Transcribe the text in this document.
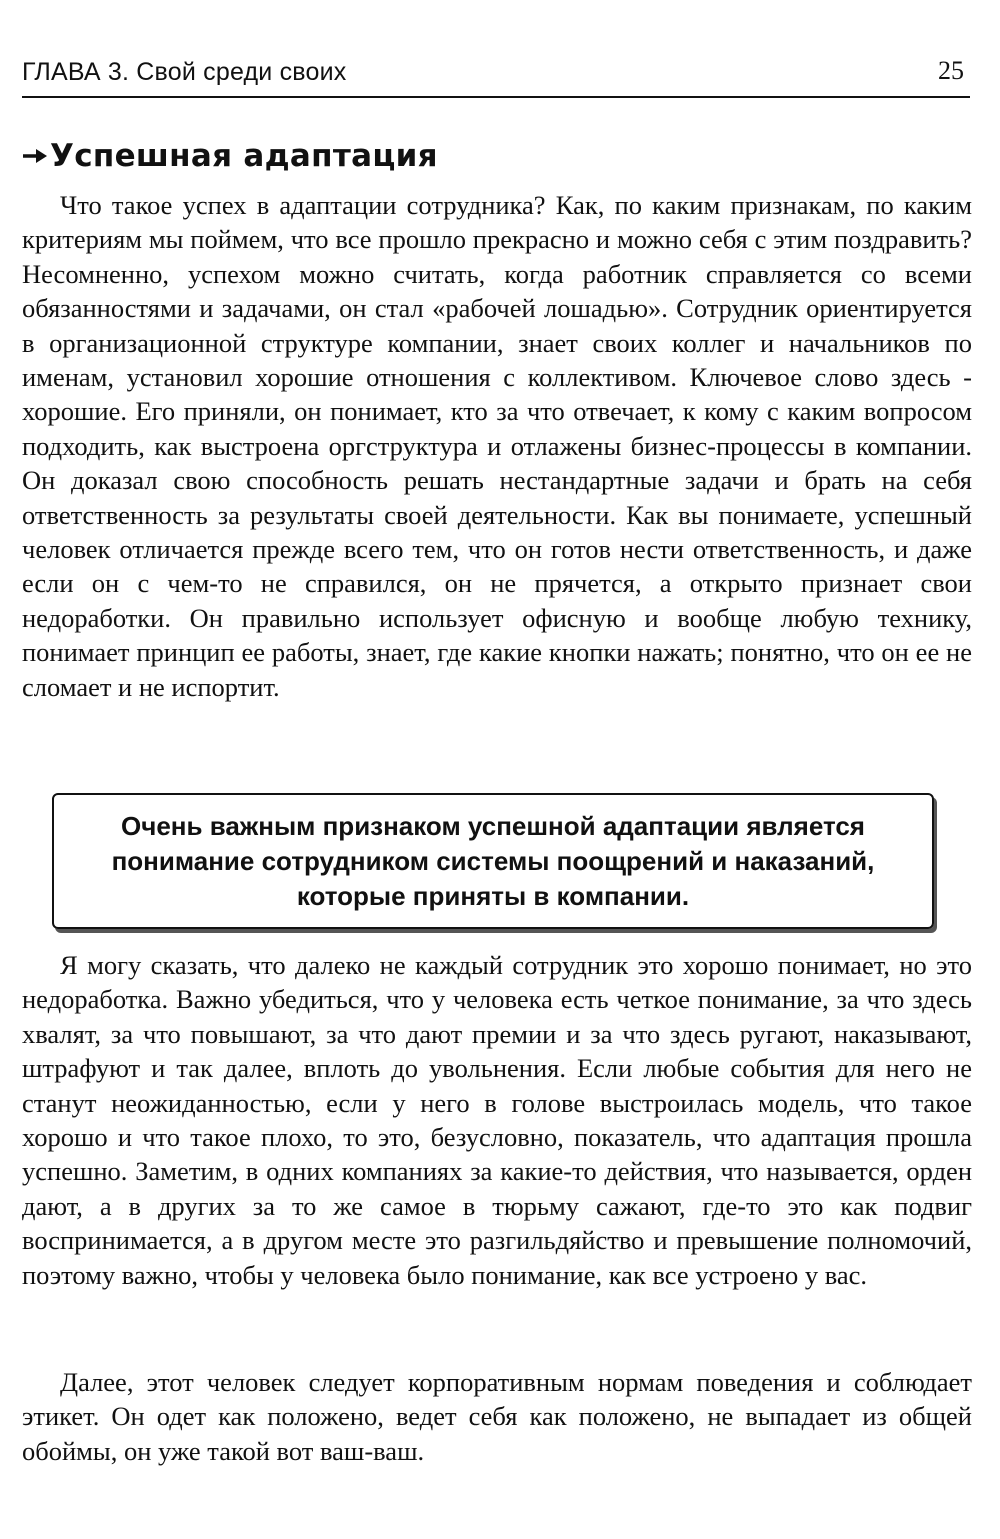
ГЛАВА 3. Свой среди своих	25
Успешная адаптация

Что такое успех в адаптации сотрудника? Как, по каким признакам, по каким критериям мы поймем, что все прошло прекрасно и можно себя с этим поздравить? Несомненно, успехом можно считать, когда работник справляется со всеми обязанностями и задачами, он стал «рабочей лошадью». Сотрудник ориентируется в организационной структуре компании, знает своих коллег и начальников по именам, установил хорошие отношения с коллективом. Ключевое слово здесь - хорошие. Его приняли, он понимает, кто за что отвечает, к кому с каким вопросом подходить, как выстроена оргструктура и отлажены бизнес-процессы в компании. Он доказал свою способность решать нестандартные задачи и брать на себя ответственность за результаты своей деятельности. Как вы понимаете, успешный человек отличается прежде всего тем, что он готов нести ответственность, и даже если он с чем-то не справился, он не прячется, а открыто признает свои недоработки. Он правильно использует офисную и вообще любую технику, понимает принцип ее работы, знает, где какие кнопки нажать; понятно, что он ее не сломает и не испортит.

Очень важным признаком успешной адаптации является понимание сотрудником системы поощрений и наказаний, которые приняты в компании.

Я могу сказать, что далеко не каждый сотрудник это хорошо понимает, но это недоработка. Важно убедиться, что у человека есть четкое понимание, за что здесь хвалят, за что повышают, за что дают премии и за что здесь ругают, наказывают, штрафуют и так далее, вплоть до увольнения. Если любые события для него не станут неожиданностью, если у него в голове выстроилась модель, что такое хорошо и что такое плохо, то это, безусловно, показатель, что адаптация прошла успешно. Заметим, в одних компаниях за какие-то действия, что называется, орден дают, а в других за то же самое в тюрьму сажают, где-то это как подвиг воспринимается, а в другом месте это разгильдяйство и превышение полномочий, поэтому важно, чтобы у человека было понимание, как все устроено у вас.

Далее, этот человек следует корпоративным нормам поведения и соблюдает этикет. Он одет как положено, ведет себя как положено, не выпадает из общей обоймы, он уже такой вот ваш-ваш.
